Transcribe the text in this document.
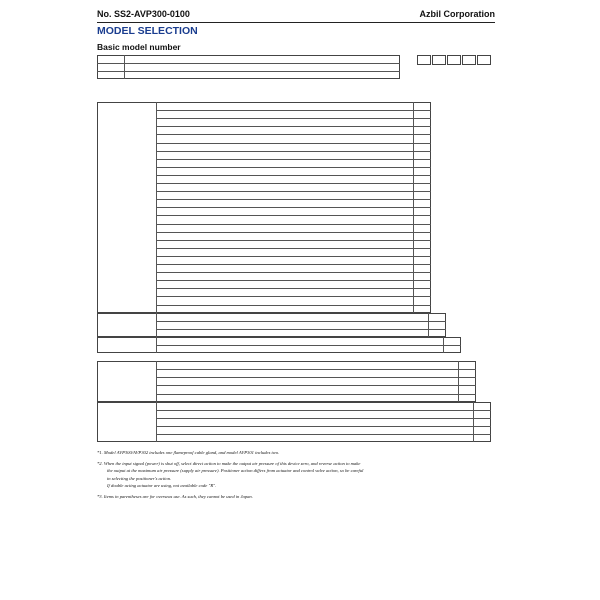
No. SS2-AVP300-0100	Azbil Corporation
MODEL SELECTION
Basic model number
*1. Model AVP300/AVP302 includes one flameproof cable gland, and model AVP301 includes two.
*2. When the input signal (power) is shut off, select direct action to make the output air pressure of this device zero, and reverse action to make
the output at the maximum air pressure (supply air pressure). Positioner action differs from actuator and control valve action, so be careful
in selecting the positioner's action.
If double acting actuator are using, not available code "R".
*3. Items in parentheses are for overseas use. As such, they cannot be used in Japan.
